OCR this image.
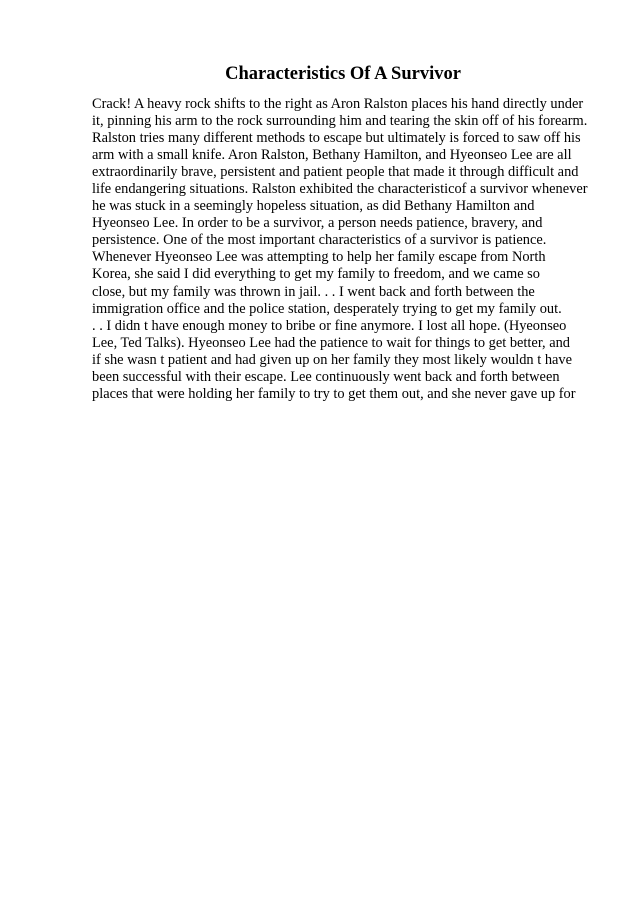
Characteristics Of A Survivor
Crack! A heavy rock shifts to the right as Aron Ralston places his hand directly under
it, pinning his arm to the rock surrounding him and tearing the skin off of his forearm.
Ralston tries many different methods to escape but ultimately is forced to saw off his
arm with a small knife. Aron Ralston, Bethany Hamilton, and Hyeonseo Lee are all
extraordinarily brave, persistent and patient people that made it through difficult and
life endangering situations. Ralston exhibited the characteristicof a survivor whenever
he was stuck in a seemingly hopeless situation, as did Bethany Hamilton and
Hyeonseo Lee. In order to be a survivor, a person needs patience, bravery, and
persistence. One of the most important characteristics of a survivor is patience.
Whenever Hyeonseo Lee was attempting to help her family escape from North
Korea, she said I did everything to get my family to freedom, and we came so
close, but my family was thrown in jail. . . I went back and forth between the
immigration office and the police station, desperately trying to get my family out.
. . I didn t have enough money to bribe or fine anymore. I lost all hope. (Hyeonseo
Lee, Ted Talks). Hyeonseo Lee had the patience to wait for things to get better, and
if she wasn t patient and had given up on her family they most likely wouldn t have
been successful with their escape. Lee continuously went back and forth between
places that were holding her family to try to get them out, and she never gave up for
